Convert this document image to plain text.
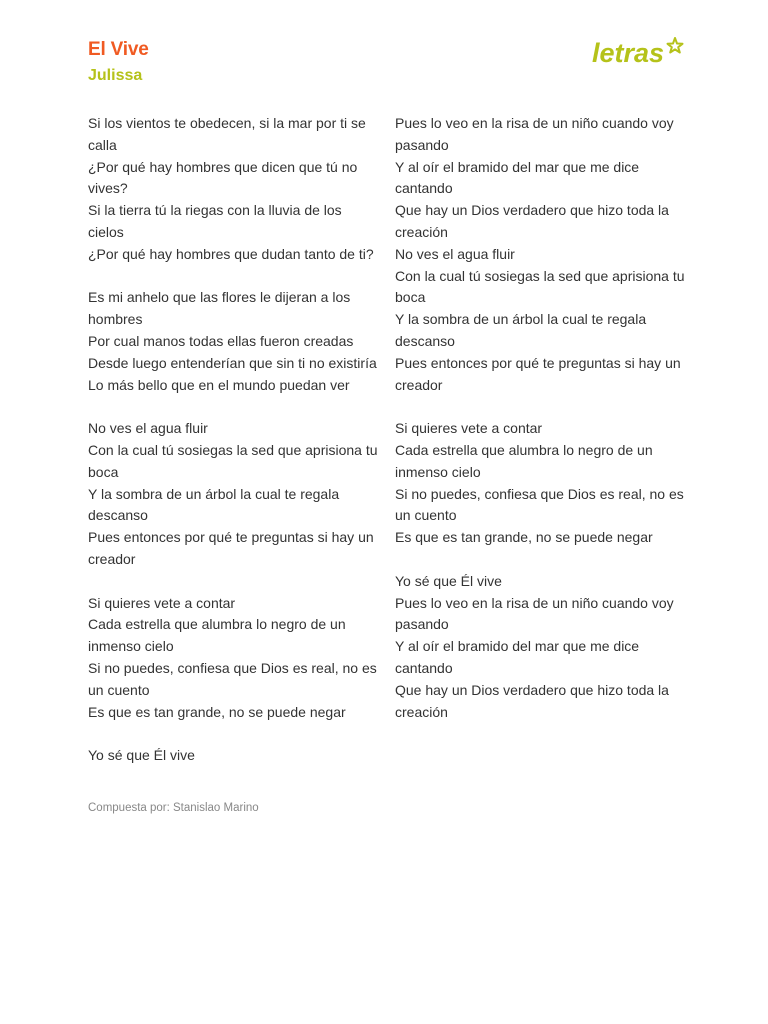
El Vive
Julissa
letras
Si los vientos te obedecen, si la mar por ti se calla
¿Por qué hay hombres que dicen que tú no vives?
Si la tierra tú la riegas con la lluvia de los cielos
¿Por qué hay hombres que dudan tanto de ti?
Es mi anhelo que las flores le dijeran a los hombres
Por cual manos todas ellas fueron creadas
Desde luego entenderían que sin ti no existiría
Lo más bello que en el mundo puedan ver
No ves el agua fluir
Con la cual tú sosiegas la sed que aprisiona tu boca
Y la sombra de un árbol la cual te regala descanso
Pues entonces por qué te preguntas si hay un creador
Si quieres vete a contar
Cada estrella que alumbra lo negro de un inmenso cielo
Si no puedes, confiesa que Dios es real, no es un cuento
Es que es tan grande, no se puede negar
Yo sé que Él vive
Pues lo veo en la risa de un niño cuando voy pasando
Y al oír el bramido del mar que me dice cantando
Que hay un Dios verdadero que hizo toda la creación
No ves el agua fluir
Con la cual tú sosiegas la sed que aprisiona tu boca
Y la sombra de un árbol la cual te regala descanso
Pues entonces por qué te preguntas si hay un creador
Si quieres vete a contar
Cada estrella que alumbra lo negro de un inmenso cielo
Si no puedes, confiesa que Dios es real, no es un cuento
Es que es tan grande, no se puede negar
Yo sé que Él vive
Pues lo veo en la risa de un niño cuando voy pasando
Y al oír el bramido del mar que me dice cantando
Que hay un Dios verdadero que hizo toda la creación
Compuesta por: Stanislao Marino
